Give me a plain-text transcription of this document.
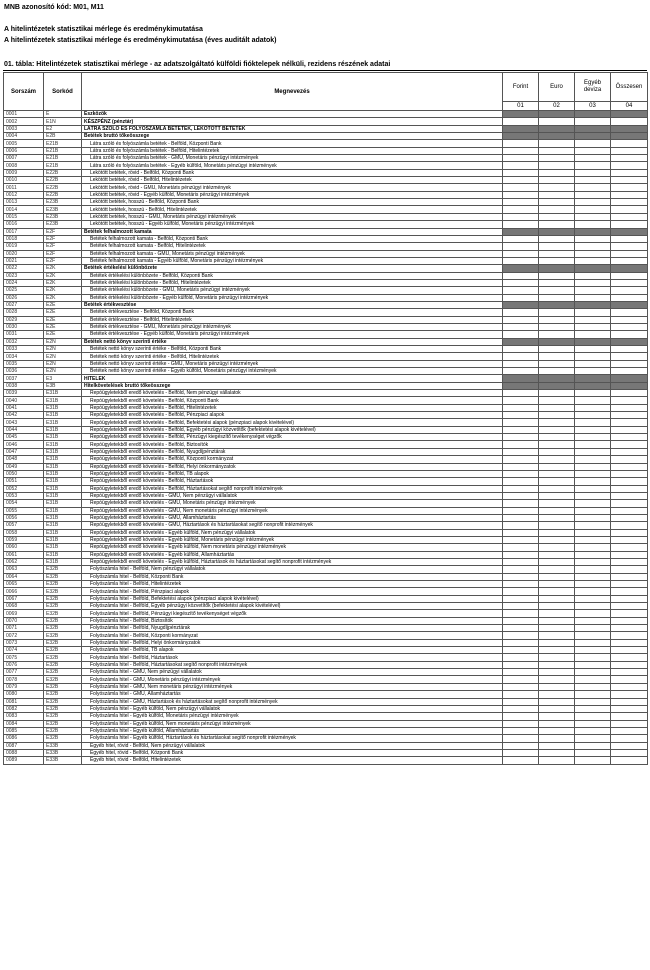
MNB azonosító kód: M01, M11
A hitelintézetek statisztikai mérlege és eredménykimutatása
A hitelintézetek statisztikai mérlege és eredménykimutatása (éves auditált adatok)
01. tábla: Hitelintézetek statisztikai mérlege - az adatszolgáltató külföldi fióktelepek nélküli, rezidens részének adatai
Sorszám	Sorkód	Megnevezés	Forint	Euro	Egyéb deviza	Összesen
			01	02	03	04
0001	E	Eszközök				
0002	E1N	KÉSZPÉNZ (pénztár)				
0003	E2	LÁTRA SZÓLÓ ÉS FOLYÓSZÁMLA BETÉTEK, LEKÖTÖTT BETÉTEK				
0004	E2B	Betétek bruttó tőkeösszege				
0005	E21B	Látra szóló és folyószámla betétek - Belföld, Központi Bank				
0006	E21B	Látra szóló és folyószámla betétek - Belföld, Hitelintézetek				
0007	E21B	Látra szóló és folyószámla betétek - GMU, Monetáris pénzügyi intézmények				
0008	E21B	Látra szóló és folyószámla betétek - Egyéb külföld, Monetáris pénzügyi intézmények				
0009	E22B	Lekötött betétek, rövid - Belföld, Központi Bank				
0010	E22B	Lekötött betétek, rövid - Belföld, Hitelintézetek				
0011	E22B	Lekötött betétek, rövid - GMU, Monetáris pénzügyi intézmények				
0012	E22B	Lekötött betétek, rövid - Egyéb külföld, Monetáris pénzügyi intézmények				
0013	E23B	Lekötött betétek, hosszú - Belföld, Központi Bank				
0014	E23B	Lekötött betétek, hosszú - Belföld, Hitelintézetek				
0015	E23B	Lekötött betétek, hosszú - GMU, Monetáris pénzügyi intézmények				
0016	E23B	Lekötött betétek, hosszú - Egyéb külföld, Monetáris pénzügyi intézmények				
0017	E2F	Betétek felhalmozott kamata				
0018	E2F	Betétek felhalmozott kamata - Belföld, Központi Bank				
0019	E2F	Betétek felhalmozott kamata - Belföld, Hitelintézetek				
0020	E2F	Betétek felhalmozott kamata - GMU, Monetáris pénzügyi intézmények				
0021	E2F	Betétek felhalmozott kamata - Egyéb külföld, Monetáris pénzügyi intézmények				
0022	E2K	Betétek értékelési különbözete				
0023	E2K	Betétek értékelési különbözete - Belföld, Központi Bank				
0024	E2K	Betétek értékelési különbözete - Belföld, Hitelintézetek				
0025	E2K	Betétek értékelési különbözete - GMU, Monetáris pénzügyi intézmények				
0026	E2K	Betétek értékelési különbözete - Egyéb külföld, Monetáris pénzügyi intézmények				
0027	E2E	Betétek értékvesztése				
0028	E2E	Betétek értékvesztése - Belföld, Központi Bank				
0029	E2E	Betétek értékvesztése - Belföld, Hitelintézetek				
0030	E2E	Betétek értékvesztése - GMU, Monetáris pénzügyi intézmények				
0031	E2E	Betétek értékvesztése - Egyéb külföld, Monetáris pénzügyi intézmények				
0032	E2N	Betétek nettó könyv szerinti értéke				
0033	E2N	Betétek nettó könyv szerinti értéke - Belföld, Központi Bank				
0034	E2N	Betétek nettó könyv szerinti értéke - Belföld, Hitelintézetek				
0035	E2N	Betétek nettó könyv szerinti értéke - GMU, Monetáris pénzügyi intézmények				
0036	E2N	Betétek nettó könyv szerinti értéke - Egyéb külföld, Monetáris pénzügyi intézmények				
0037	E3	HITELEK				
0038	E3B	Hitelkövetelések bruttó tőkeösszege				
0039	E31B	Repóügyletekből eredő követelés - Belföld, Nem pénzügyi vállalatok				
0040	E31B	Repóügyletekből eredő követelés - Belföld, Központi Bank				
0041	E31B	Repóügyletekből eredő követelés - Belföld, Hitelintézetek				
0042	E31B	Repóügyletekből eredő követelés - Belföld, Pénzpiaci alapok				
0043	E31B	Repóügyletekből eredő követelés - Belföld, Befektetési alapok (pénzpiaci alapok kivételével)				
0044	E31B	Repóügyletekből eredő követelés - Belföld, Egyéb pénzügyi közvetítők (befektetési alapok kivételével)				
0045	E31B	Repóügyletekből eredő követelés - Belföld, Pénzügyi kiegészítő tevékenységet végzők				
0046	E31B	Repóügyletekből eredő követelés - Belföld, Biztosítók				
0047	E31B	Repóügyletekből eredő követelés - Belföld, Nyugdíjpénztárak				
0048	E31B	Repóügyletekből eredő követelés - Belföld, Központi kormányzat				
0049	E31B	Repóügyletekből eredő követelés - Belföld, Helyi önkormányzatok				
0050	E31B	Repóügyletekből eredő követelés - Belföld, TB alapok				
0051	E31B	Repóügyletekből eredő követelés - Belföld, Háztartások				
0052	E31B	Repóügyletekből eredő követelés - Belföld, Háztartásokat segítő nonprofit intézmények				
0053	E31B	Repóügyletekből eredő követelés - GMU, Nem pénzügyi vállalatok				
0054	E31B	Repóügyletekből eredő követelés - GMU, Monetáris pénzügyi intézmények				
0055	E31B	Repóügyletekből eredő követelés - GMU, Nem monetáris pénzügyi intézmények				
0056	E31B	Repóügyletekből eredő követelés - GMU, Államháztartás				
0057	E31B	Repóügyletekből eredő követelés - GMU, Háztartások és háztartásokat segítő nonprofit intézmények				
0058	E31B	Repóügyletekből eredő követelés - Egyéb külföld, Nem pénzügyi vállalatok				
0059	E31B	Repóügyletekből eredő követelés - Egyéb külföld, Monetáris pénzügyi intézmények				
0060	E31B	Repóügyletekből eredő követelés - Egyéb külföld, Nem monetáris pénzügyi intézmények				
0061	E31B	Repóügyletekből eredő követelés - Egyéb külföld, Államháztartás				
0062	E31B	Repóügyletekből eredő követelés - Egyéb külföld, Háztartások és háztartásokat segítő nonprofit intézmények				
0063	E32B	Folyószámla hitel - Belföld, Nem pénzügyi vállalatok				
0064	E32B	Folyószámla hitel - Belföld, Központi Bank				
0065	E32B	Folyószámla hitel - Belföld, Hitelintézetek				
0066	E32B	Folyószámla hitel - Belföld, Pénzpiaci alapok				
0067	E32B	Folyószámla hitel - Belföld, Befektetési alapok (pénzpiaci alapok kivételével)				
0068	E32B	Folyószámla hitel - Belföld, Egyéb pénzügyi közvetítők (befektetési alapok kivételével)				
0069	E32B	Folyószámla hitel - Belföld, Pénzügyi kiegészítő tevékenységet végzők				
0070	E32B	Folyószámla hitel - Belföld, Biztosítók				
0071	E32B	Folyószámla hitel - Belföld, Nyugdíjpénztárak				
0072	E32B	Folyószámla hitel - Belföld, Központi kormányzat				
0073	E32B	Folyószámla hitel - Belföld, Helyi önkormányzatok				
0074	E32B	Folyószámla hitel - Belföld, TB alapok				
0075	E32B	Folyószámla hitel - Belföld, Háztartások				
0076	E32B	Folyószámla hitel - Belföld, Háztartásokat segítő nonprofit intézmények				
0077	E32B	Folyószámla hitel - GMU, Nem pénzügyi vállalatok				
0078	E32B	Folyószámla hitel - GMU, Monetáris pénzügyi intézmények				
0079	E32B	Folyószámla hitel - GMU, Nem monetáris pénzügyi intézmények				
0080	E32B	Folyószámla hitel - GMU, Államháztartás				
0081	E32B	Folyószámla hitel - GMU, Háztartások és háztartásokat segítő nonprofit intézmények				
0082	E32B	Folyószámla hitel - Egyéb külföld, Nem pénzügyi vállalatok				
0083	E32B	Folyószámla hitel - Egyéb külföld, Monetáris pénzügyi intézmények				
0084	E32B	Folyószámla hitel - Egyéb külföld, Nem monetáris pénzügyi intézmények				
0085	E32B	Folyószámla hitel - Egyéb külföld, Államháztartás				
0086	E32B	Folyószámla hitel - Egyéb külföld, Háztartások és háztartásokat segítő nonprofit intézmények				
0087	E33B	Egyéb hitel, rövid - Belföld, Nem pénzügyi vállalatok				
0088	E33B	Egyéb hitel, rövid - Belföld, Központi Bank				
0089	E33B	Egyéb hitel, rövid - Belföld, Hitelintézetek				
